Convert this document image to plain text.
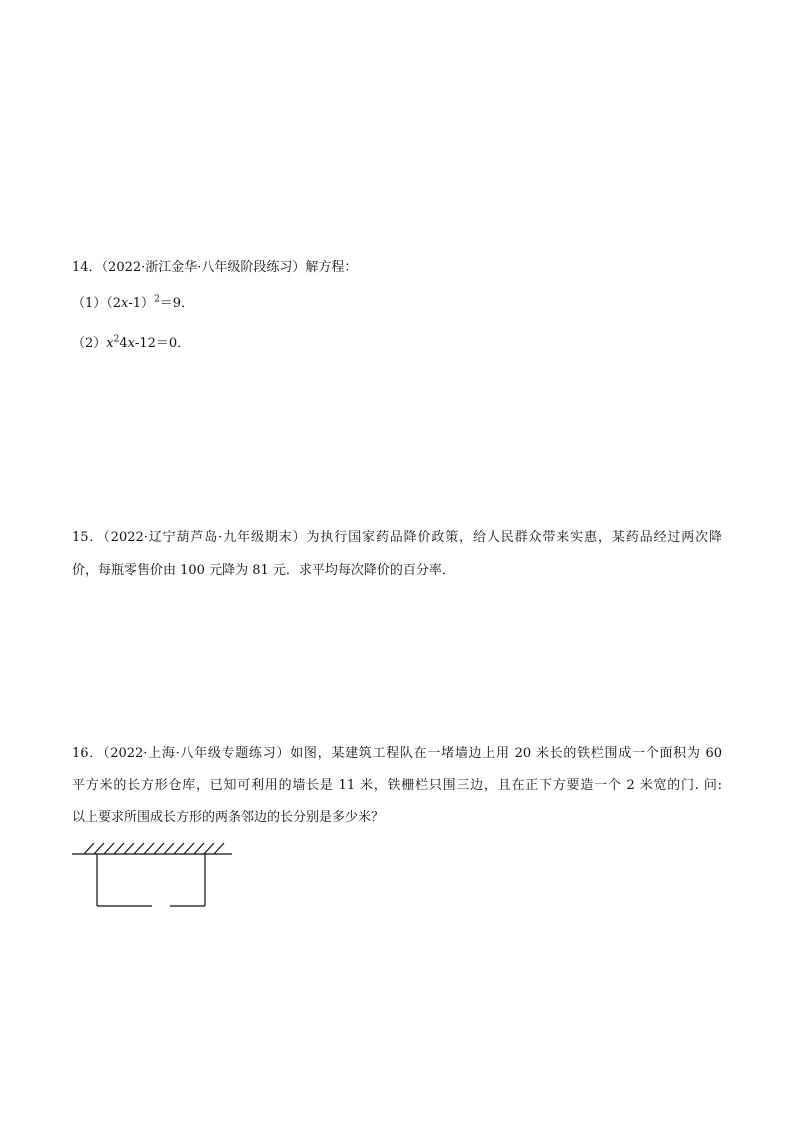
14．（2022·浙江金华·八年级阶段练习）解方程：
$(1)(2x-1)^2=9$．
$(2)x^24x-12=0$．
15．（2022·辽宁葫芦岛·九年级期末）为执行国家药品降价政策，给人民群众带来实惠，某药品经过两次降
价，每瓶零售价由 100 元降为 81 元．求平均每次降价的百分率．
16．（2022·上海·八年级专题练习）如图，某建筑工程队在一堵墙边上用 20 米长的铁栏围成一个面积为 60
平方米的长方形仓库，已知可利用的墙长是 11 米，铁栅栏只围三边，且在正下方要造一个 2 米宽的门. 问:
以上要求所围成长方形的两条邻边的长分别是多少米？
